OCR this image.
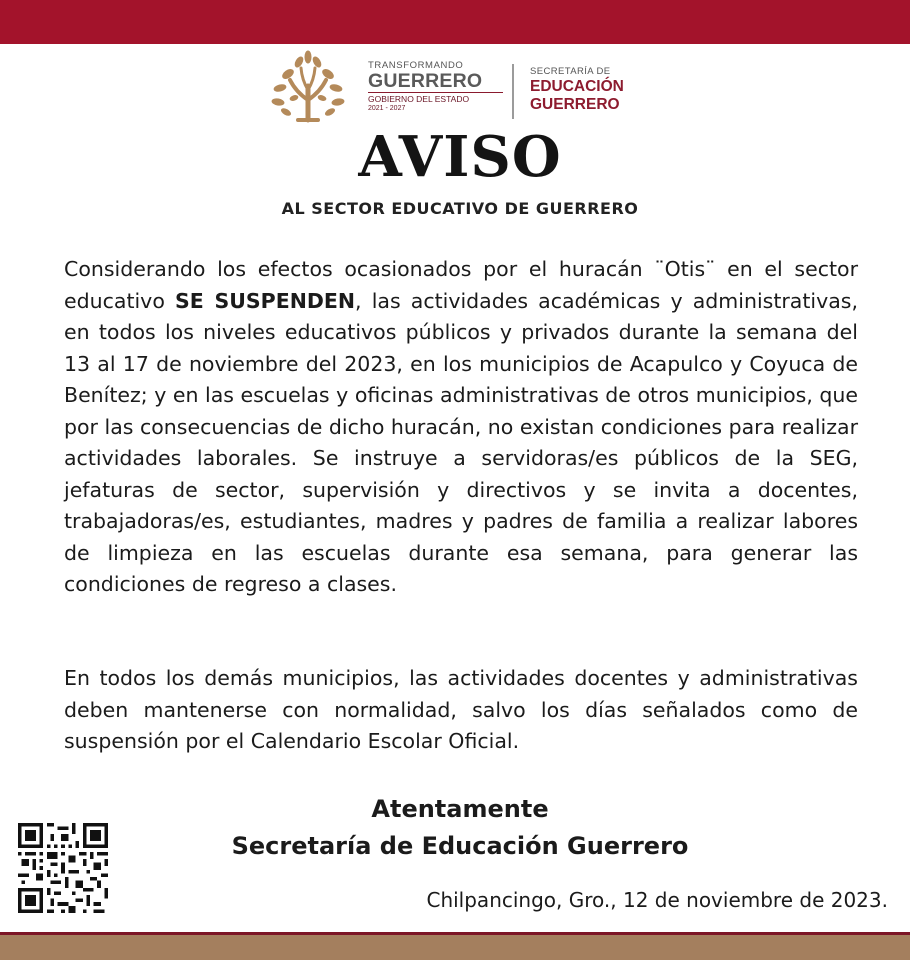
TRANSFORMANDO
GUERRERO
GOBIERNO DEL ESTADO
2021 - 2027
SECRETARÍA DE
EDUCACIÓN
GUERRERO
AVISO
AL SECTOR EDUCATIVO DE GUERRERO

Considerando los efectos ocasionados por el huracán ¨Otis¨ en el sector educativo SE SUSPENDEN, las actividades académicas y administrativas, en todos los niveles educativos públicos y privados durante la semana del 13 al 17 de noviembre del 2023, en los municipios de Acapulco y Coyuca de Benítez; y en las escuelas y oficinas administrativas de otros municipios, que por las consecuencias de dicho huracán, no existan condiciones para realizar actividades laborales. Se instruye a servidoras/es públicos de la SEG, jefaturas de sector, supervisión y directivos y se invita a docentes, trabajadoras/es, estudiantes, madres y padres de familia a realizar labores de limpieza en las escuelas durante esa semana, para generar las condiciones de regreso a clases.

En todos los demás municipios, las actividades docentes y administrativas deben mantenerse con normalidad, salvo los días señalados como de suspensión por el Calendario Escolar Oficial.

Atentamente
Secretaría de Educación Guerrero
Chilpancingo, Gro., 12 de noviembre de 2023.
